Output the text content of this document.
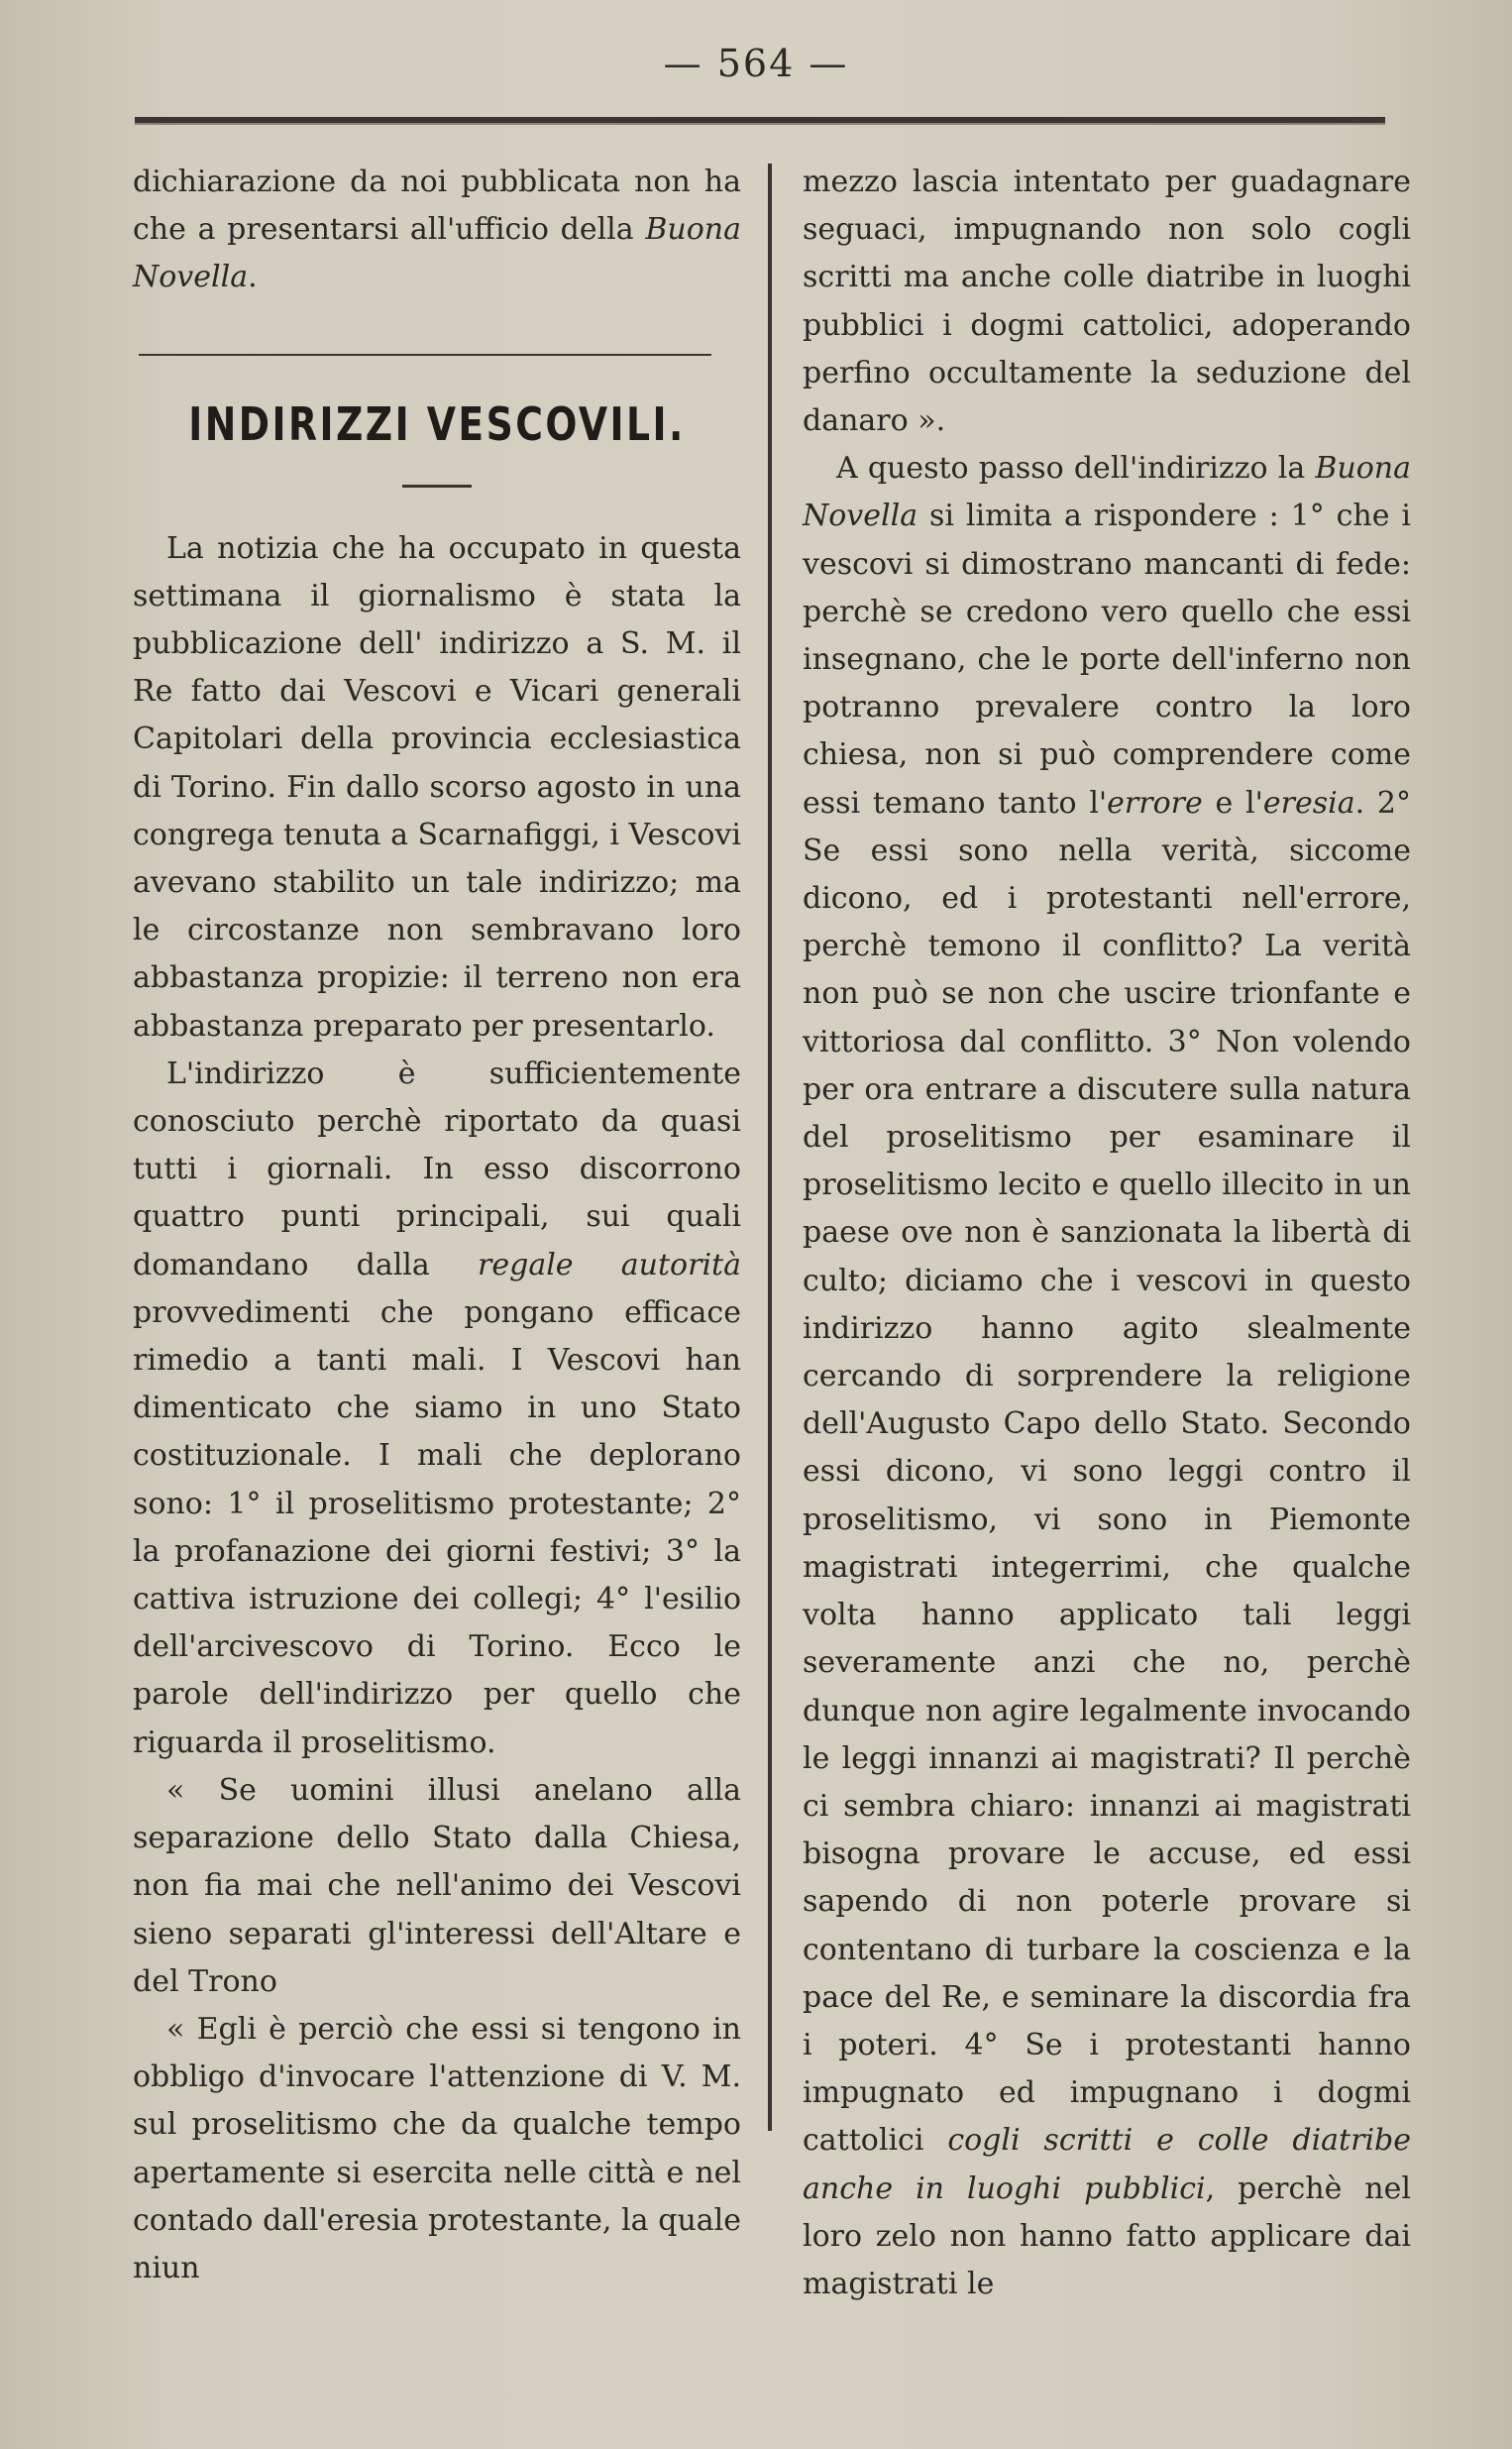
— 564 —

dichiarazione da noi pubblicata non ha che a presentarsi all'ufficio della Buona Novella.

INDIRIZZI VESCOVILI.

La notizia che ha occupato in questa settimana il giornalismo è stata la pubblicazione dell' indirizzo a S. M. il Re fatto dai Vescovi e Vicari generali Capitolari della provincia ecclesiastica di Torino. Fin dallo scorso agosto in una congrega tenuta a Scarnafiggi, i Vescovi avevano stabilito un tale indirizzo; ma le circostanze non sembravano loro abbastanza propizie: il terreno non era abbastanza preparato per presentarlo.

L'indirizzo è sufficientemente conosciuto perchè riportato da quasi tutti i giornali. In esso discorrono quattro punti principali, sui quali domandano dalla regale autorità provvedimenti che pongano efficace rimedio a tanti mali. I Vescovi han dimenticato che siamo in uno Stato costituzionale. I mali che deplorano sono: 1° il proselitismo protestante; 2° la profanazione dei giorni festivi; 3° la cattiva istruzione dei collegi; 4° l'esilio dell'arcivescovo di Torino. Ecco le parole dell'indirizzo per quello che riguarda il proselitismo.

« Se uomini illusi anelano alla separazione dello Stato dalla Chiesa, non fia mai che nell'animo dei Vescovi sieno separati gl'interessi dell'Altare e del Trono

« Egli è perciò che essi si tengono in obbligo d'invocare l'attenzione di V. M. sul proselitismo che da qualche tempo apertamente si esercita nelle città e nel contado dall'eresia protestante, la quale niun

mezzo lascia intentato per guadagnare seguaci, impugnando non solo cogli scritti ma anche colle diatribe in luoghi pubblici i dogmi cattolici, adoperando perfino occultamente la seduzione del danaro ».

A questo passo dell'indirizzo la Buona Novella si limita a rispondere : 1° che i vescovi si dimostrano mancanti di fede: perchè se credono vero quello che essi insegnano, che le porte dell'inferno non potranno prevalere contro la loro chiesa, non si può comprendere come essi temano tanto l'errore e l'eresia. 2° Se essi sono nella verità, siccome dicono, ed i protestanti nell'errore, perchè temono il conflitto? La verità non può se non che uscire trionfante e vittoriosa dal conflitto. 3° Non volendo per ora entrare a discutere sulla natura del proselitismo per esaminare il proselitismo lecito e quello illecito in un paese ove non è sanzionata la libertà di culto; diciamo che i vescovi in questo indirizzo hanno agito slealmente cercando di sorprendere la religione dell'Augusto Capo dello Stato. Secondo essi dicono, vi sono leggi contro il proselitismo, vi sono in Piemonte magistrati integerrimi, che qualche volta hanno applicato tali leggi severamente anzi che no, perchè dunque non agire legalmente invocando le leggi innanzi ai magistrati? Il perchè ci sembra chiaro: innanzi ai magistrati bisogna provare le accuse, ed essi sapendo di non poterle provare si contentano di turbare la coscienza e la pace del Re, e seminare la discordia fra i poteri. 4° Se i protestanti hanno impugnato ed impugnano i dogmi cattolici cogli scritti e colle diatribe anche in luoghi pubblici, perchè nel loro zelo non hanno fatto applicare dai magistrati le
